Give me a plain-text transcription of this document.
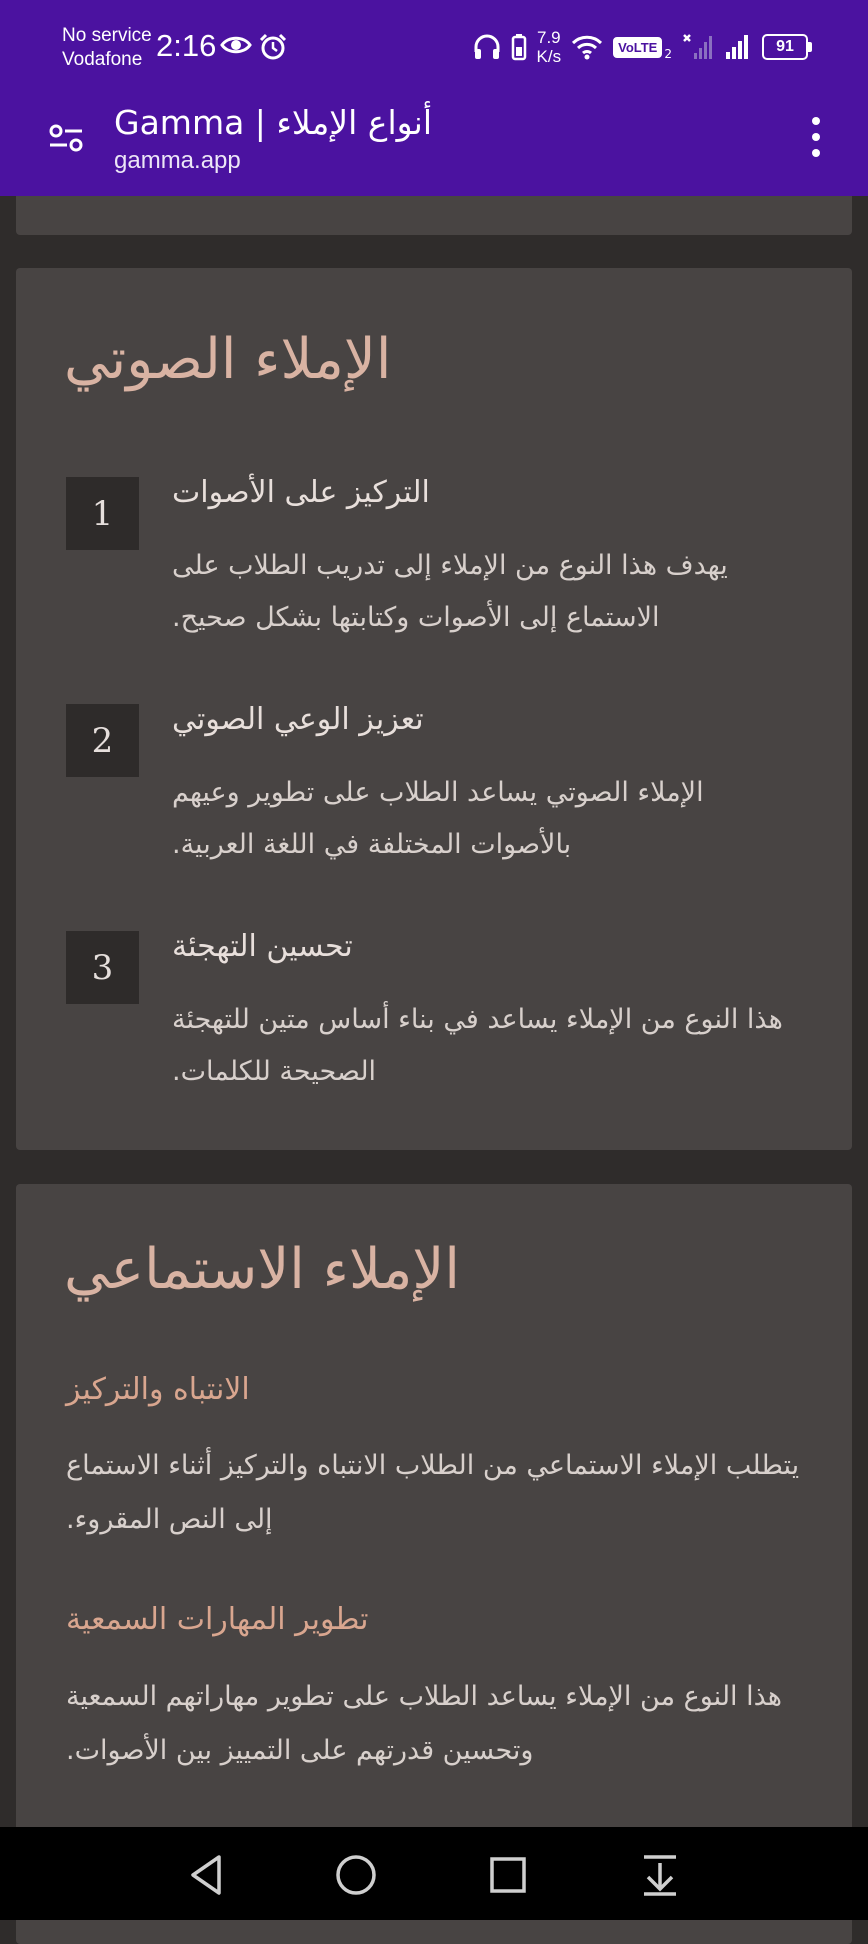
No service
Vodafone 2:16	7.9
K/s	VoLTE 2	91
Gamma | أنواع الإملاء
gamma.app
الإملاء الصوتي
1
التركيز على الأصوات
يهدف هذا النوع من الإملاء إلى تدريب الطلاب على الاستماع إلى الأصوات وكتابتها بشكل صحيح.
2
تعزيز الوعي الصوتي
الإملاء الصوتي يساعد الطلاب على تطوير وعيهم بالأصوات المختلفة في اللغة العربية.
3
تحسين التهجئة
هذا النوع من الإملاء يساعد في بناء أساس متين للتهجئة الصحيحة للكلمات.
الإملاء الاستماعي
الانتباه والتركيز
يتطلب الإملاء الاستماعي من الطلاب الانتباه والتركيز أثناء الاستماع إلى النص المقروء.
تطوير المهارات السمعية
هذا النوع من الإملاء يساعد الطلاب على تطوير مهاراتهم السمعية وتحسين قدرتهم على التمييز بين الأصوات.
